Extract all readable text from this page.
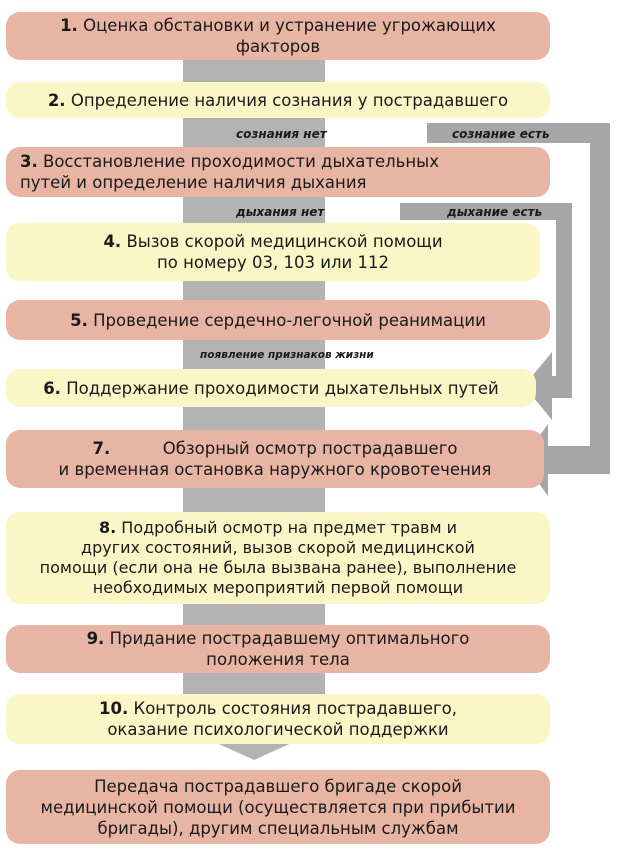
сознания нет	сознание есть
дыхания нет	дыхание есть
появление признаков жизни
1. Оценка обстановки и устранение угрожающих
факторов
2. Определение наличия сознания у пострадавшего
3. Восстановление проходимости дыхательных
путей и определение наличия дыхания
4. Вызов скорой медицинской помощи
по номеру 03, 103 или 112
5. Проведение сердечно-легочной реанимации
6. Поддержание проходимости дыхательных путей
7.	Обзорный осмотр пострадавшего
и временная остановка наружного кровотечения
8. Подробный осмотр на предмет травм и
других состояний, вызов скорой медицинской
помощи (если она не была вызвана ранее), выполнение
необходимых мероприятий первой помощи
9. Придание пострадавшему оптимального
положения тела
10. Контроль состояния пострадавшего,
оказание психологической поддержки
Передача пострадавшего бригаде скорой
медицинской помощи (осуществляется при прибытии
бригады), другим специальным службам
